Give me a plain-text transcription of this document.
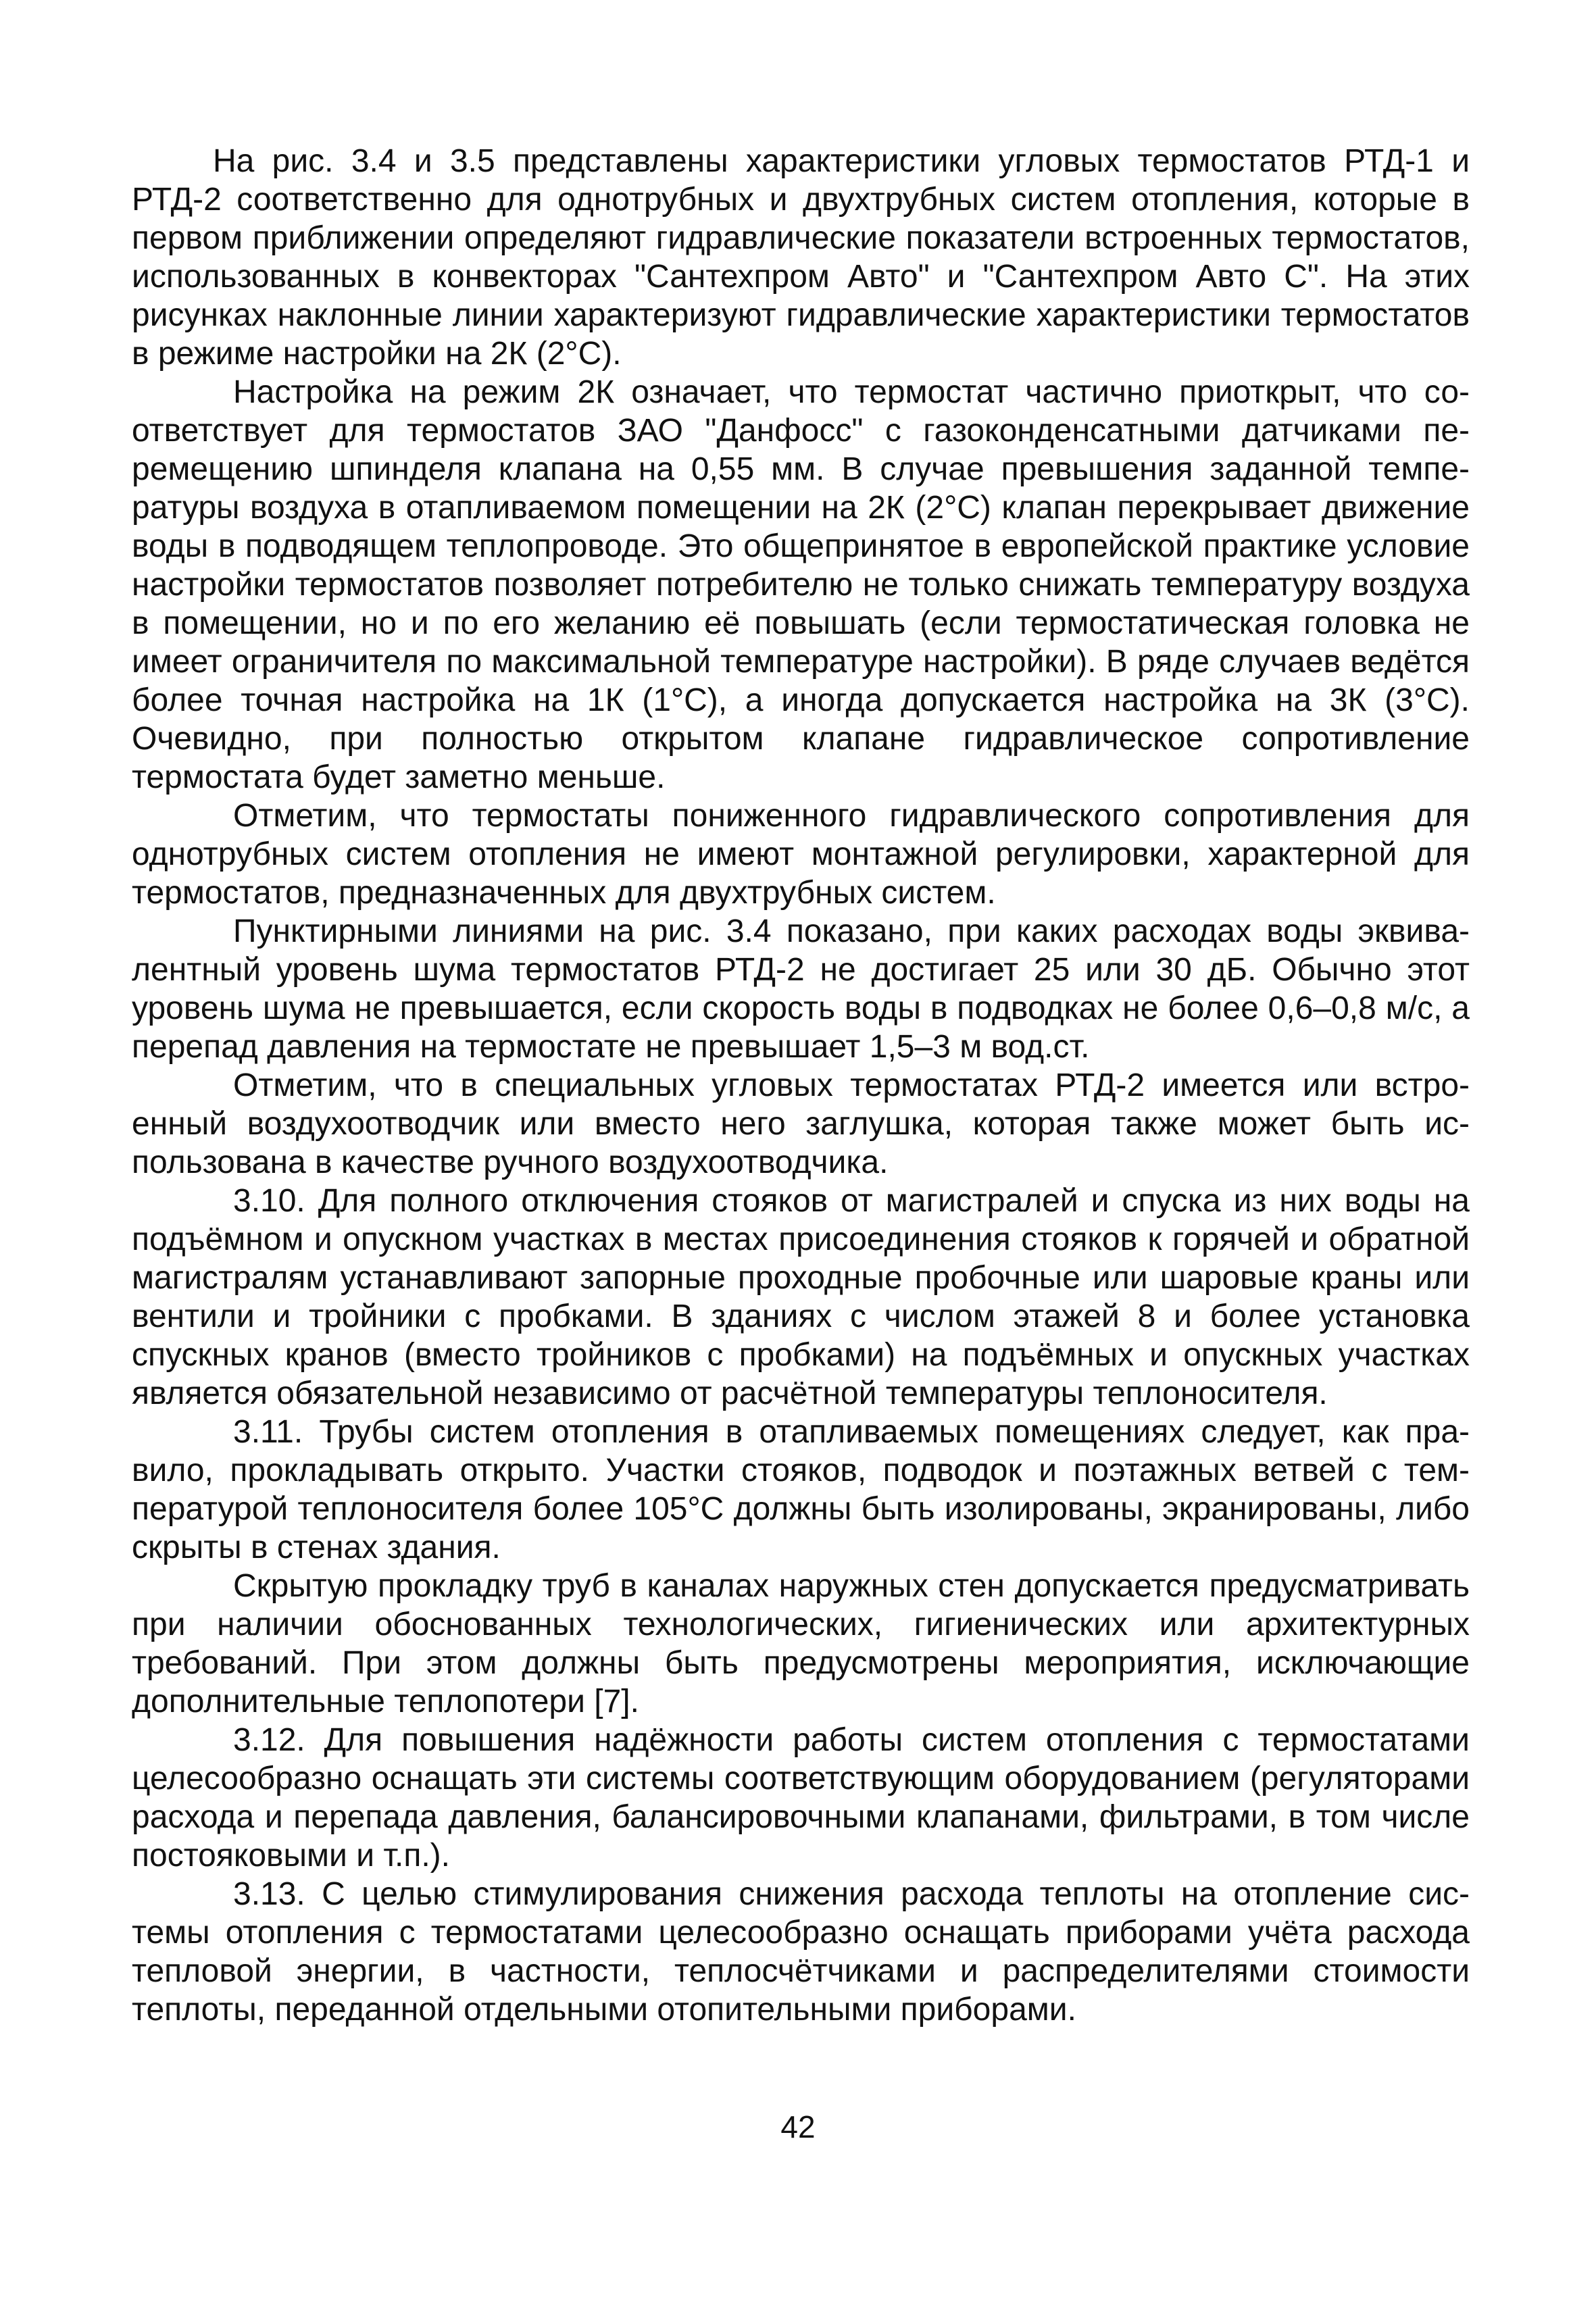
На рис. 3.4 и 3.5 представлены характеристики угловых термостатов РТД-1 и РТД-2 соответственно для однотрубных и двухтрубных систем отопления, которые в первом приближении определяют гидравлические показатели встроенных термостатов, использованных в конвекторах "Сантехпром Авто" и "Сантехпром Авто С". На этих рисунках наклонные линии характеризуют гидравлические характеристики термостатов в режиме настройки на 2К (2°С).

Настройка на режим 2К означает, что термостат частично приоткрыт, что соответствует для термостатов ЗАО "Данфосс" с газоконденсатными датчиками перемещению шпинделя клапана на 0,55 мм. В случае превышения заданной температуры воздуха в отапливаемом помещении на 2К (2°С) клапан перекрывает движение воды в подводящем теплопроводе. Это общепринятое в европейской практике условие настройки термостатов позволяет потребителю не только снижать температуру воздуха в помещении, но и по его желанию её повышать (если термостатическая головка не имеет ограничителя по максимальной температуре настройки). В ряде случаев ведётся более точная настройка на 1К (1°С), а иногда допускается настройка на 3К (3°С). Очевидно, при полностью открытом клапане гидравлическое сопротивление термостата будет заметно меньше.

Отметим, что термостаты пониженного гидравлического сопротивления для однотрубных систем отопления не имеют монтажной регулировки, характерной для термостатов, предназначенных для двухтрубных систем.

Пунктирными линиями на рис. 3.4 показано, при каких расходах воды эквивалентный уровень шума термостатов РТД-2 не достигает 25 или 30 дБ. Обычно этот уровень шума не превышается, если скорость воды в подводках не более 0,6–0,8 м/с, а перепад давления на термостате не превышает 1,5–3 м вод.ст.

Отметим, что в специальных угловых термостатах РТД-2 имеется или встроенный воздухоотводчик или вместо него заглушка, которая также может быть использована в качестве ручного воздухоотводчика.

3.10. Для полного отключения стояков от магистралей и спуска из них воды на подъёмном и опускном участках в местах присоединения стояков к горячей и обратной магистралям устанавливают запорные проходные пробочные или шаровые краны или вентили и тройники с пробками. В зданиях с числом этажей 8 и более установка спускных кранов (вместо тройников с пробками) на подъёмных и опускных участках является обязательной независимо от расчётной температуры теплоносителя.

3.11. Трубы систем отопления в отапливаемых помещениях следует, как правило, прокладывать открыто. Участки стояков, подводок и поэтажных ветвей с температурой теплоносителя более 105°С должны быть изолированы, экранированы, либо скрыты в стенах здания.

Скрытую прокладку труб в каналах наружных стен допускается предусматривать при наличии обоснованных технологических, гигиенических или архитектурных требований. При этом должны быть предусмотрены мероприятия, исключающие дополнительные теплопотери [7].

3.12. Для повышения надёжности работы систем отопления с термостатами целесообразно оснащать эти системы соответствующим оборудованием (регуляторами расхода и перепада давления, балансировочными клапанами, фильтрами, в том числе постояковыми и т.п.).

3.13. С целью стимулирования снижения расхода теплоты на отопление системы отопления с термостатами целесообразно оснащать приборами учёта расхода тепловой энергии, в частности, теплосчётчиками и распределителями стоимости теплоты, переданной отдельными отопительными приборами.

42
